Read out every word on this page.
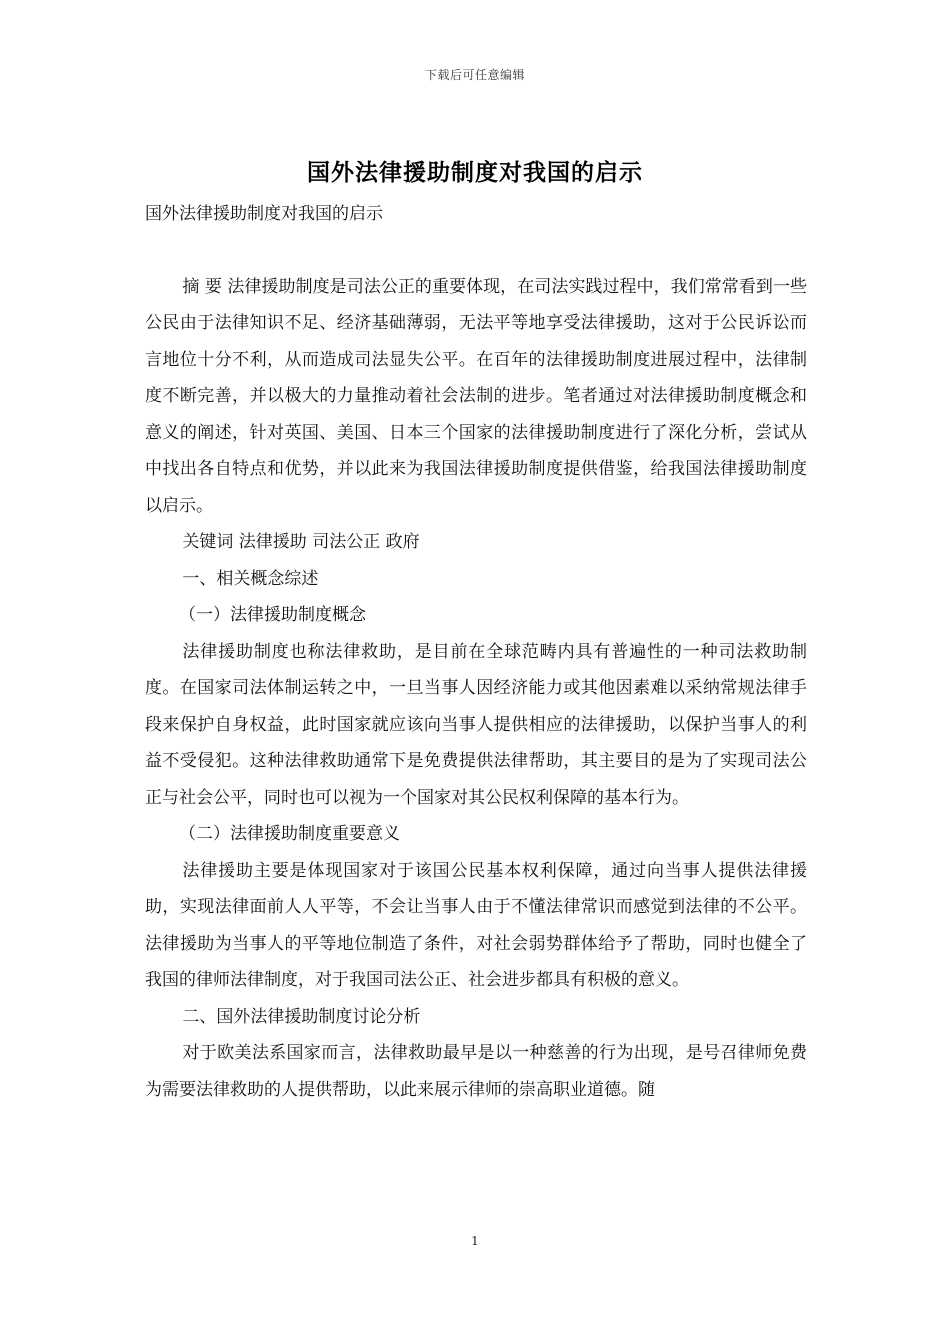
下载后可任意编辑
国外法律援助制度对我国的启示

国外法律援助制度对我国的启示

摘 要 法律援助制度是司法公正的重要体现，在司法实践过程中，我们常常看到一些公民由于法律知识不足、经济基础薄弱，无法平等地享受法律援助，这对于公民诉讼而言地位十分不利，从而造成司法显失公平。在百年的法律援助制度进展过程中，法律制度不断完善，并以极大的力量推动着社会法制的进步。笔者通过对法律援助制度概念和意义的阐述，针对英国、美国、日本三个国家的法律援助制度进行了深化分析，尝试从中找出各自特点和优势，并以此来为我国法律援助制度提供借鉴，给我国法律援助制度以启示。

关键词 法律援助 司法公正 政府

一、相关概念综述

（一）法律援助制度概念

法律援助制度也称法律救助，是目前在全球范畴内具有普遍性的一种司法救助制度。在国家司法体制运转之中，一旦当事人因经济能力或其他因素难以采纳常规法律手段来保护自身权益，此时国家就应该向当事人提供相应的法律援助，以保护当事人的利益不受侵犯。这种法律救助通常下是免费提供法律帮助，其主要目的是为了实现司法公正与社会公平，同时也可以视为一个国家对其公民权利保障的基本行为。

（二）法律援助制度重要意义

法律援助主要是体现国家对于该国公民基本权利保障，通过向当事人提供法律援助，实现法律面前人人平等，不会让当事人由于不懂法律常识而感觉到法律的不公平。法律援助为当事人的平等地位制造了条件，对社会弱势群体给予了帮助，同时也健全了我国的律师法律制度，对于我国司法公正、社会进步都具有积极的意义。

二、国外法律援助制度讨论分析

对于欧美法系国家而言，法律救助最早是以一种慈善的行为出现，是号召律师免费为需要法律救助的人提供帮助，以此来展示律师的崇高职业道德。随

1
